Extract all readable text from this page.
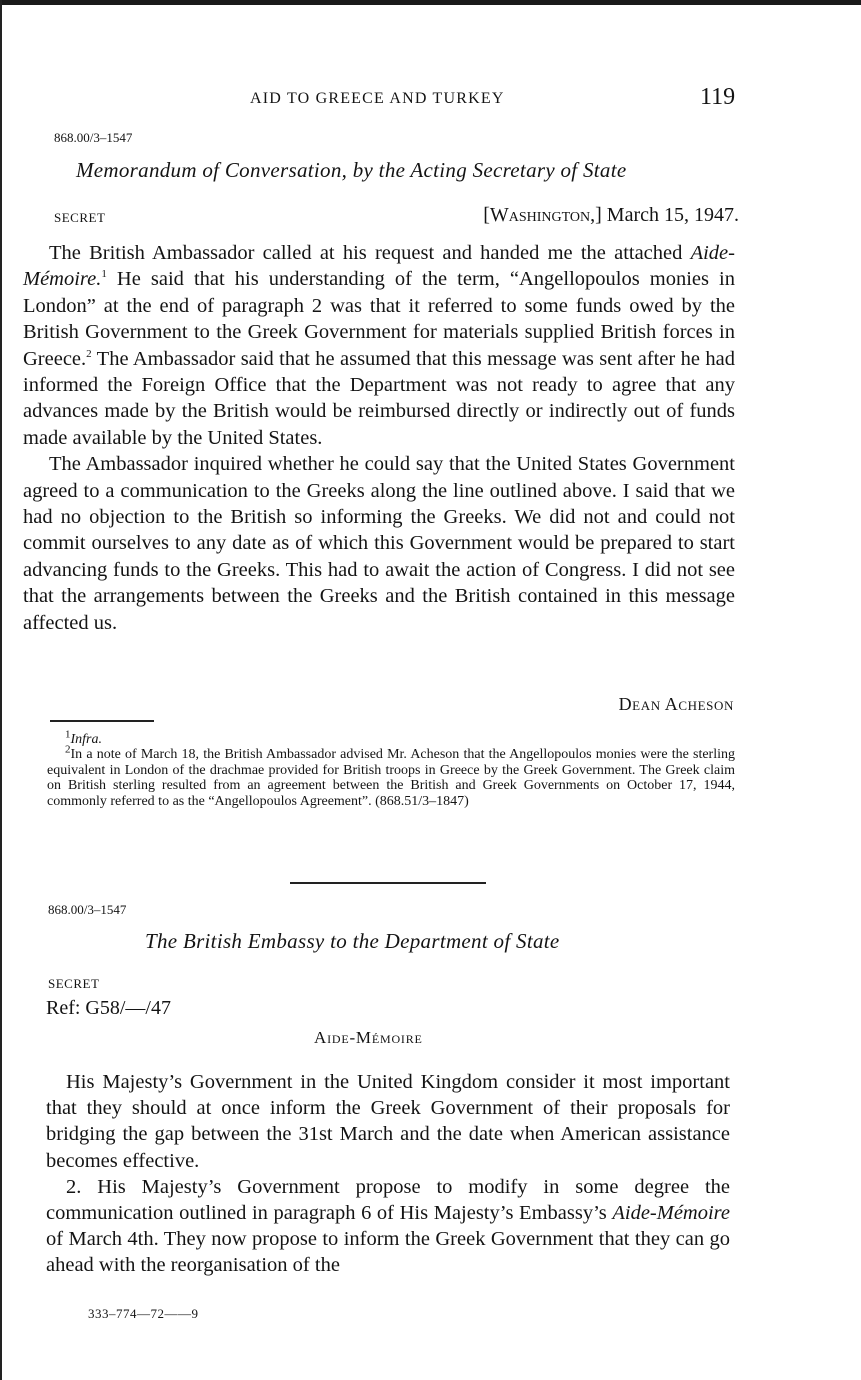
AID TO GREECE AND TURKEY	119
868.00/3–1547
Memorandum of Conversation, by the Acting Secretary of State
SECRET	[Washington,] March 15, 1947.

The British Ambassador called at his request and handed me the attached Aide-Mémoire.$^1$ He said that his understanding of the term, “Angellopoulos monies in London” at the end of paragraph 2 was that it referred to some funds owed by the British Government to the Greek Government for materials supplied British forces in Greece.$^2$ The Ambassador said that he assumed that this message was sent after he had informed the Foreign Office that the Department was not ready to agree that any advances made by the British would be reimbursed directly or indirectly out of funds made available by the United States.

The Ambassador inquired whether he could say that the United States Government agreed to a communication to the Greeks along the line outlined above. I said that we had no objection to the British so informing the Greeks. We did not and could not commit ourselves to any date as of which this Government would be prepared to start advancing funds to the Greeks. This had to await the action of Congress. I did not see that the arrangements between the Greeks and the British contained in this message affected us.

Dean Acheson

$^1$Infra.

$^2$In a note of March 18, the British Ambassador advised Mr. Acheson that the Angellopoulos monies were the sterling equivalent in London of the drachmae provided for British troops in Greece by the Greek Government. The Greek claim on British sterling resulted from an agreement between the British and Greek Governments on October 17, 1944, commonly referred to as the “Angellopoulos Agreement”. (868.51/3–1847)

868.00/3–1547
The British Embassy to the Department of State
SECRET
Ref: G58/—/47
Aide-Mémoire

His Majesty’s Government in the United Kingdom consider it most important that they should at once inform the Greek Government of their proposals for bridging the gap between the 31st March and the date when American assistance becomes effective.

2. His Majesty’s Government propose to modify in some degree the communication outlined in paragraph 6 of His Majesty’s Embassy’s Aide-Mémoire of March 4th. They now propose to inform the Greek Government that they can go ahead with the reorganisation of the

333–774—72——9
